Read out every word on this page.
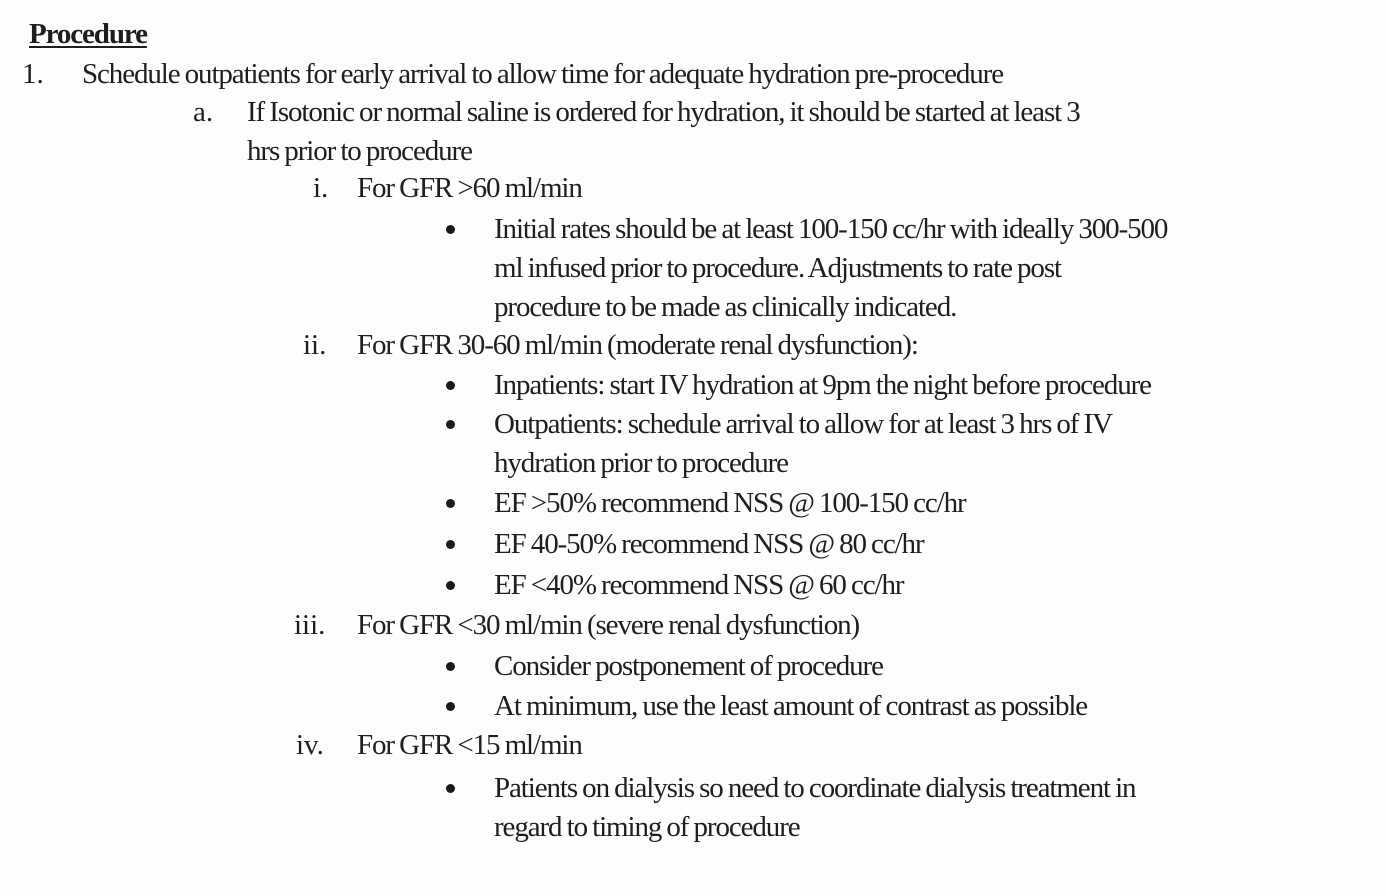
Procedure
1. Schedule outpatients for early arrival to allow time for adequate hydration pre-procedure
a. If Isotonic or normal saline is ordered for hydration, it should be started at least 3
hrs prior to procedure
i. For GFR >60 ml/min
Initial rates should be at least 100-150 cc/hr with ideally 300-500
ml infused prior to procedure. Adjustments to rate post
procedure to be made as clinically indicated.
ii. For GFR 30-60 ml/min (moderate renal dysfunction):
Inpatients: start IV hydration at 9pm the night before procedure
Outpatients: schedule arrival to allow for at least 3 hrs of IV
hydration prior to procedure
EF >50% recommend NSS @ 100-150 cc/hr
EF 40-50% recommend NSS @ 80 cc/hr
EF <40% recommend NSS @ 60 cc/hr
iii. For GFR <30 ml/min (severe renal dysfunction)
Consider postponement of procedure
At minimum, use the least amount of contrast as possible
iv. For GFR <15 ml/min
Patients on dialysis so need to coordinate dialysis treatment in
regard to timing of procedure
